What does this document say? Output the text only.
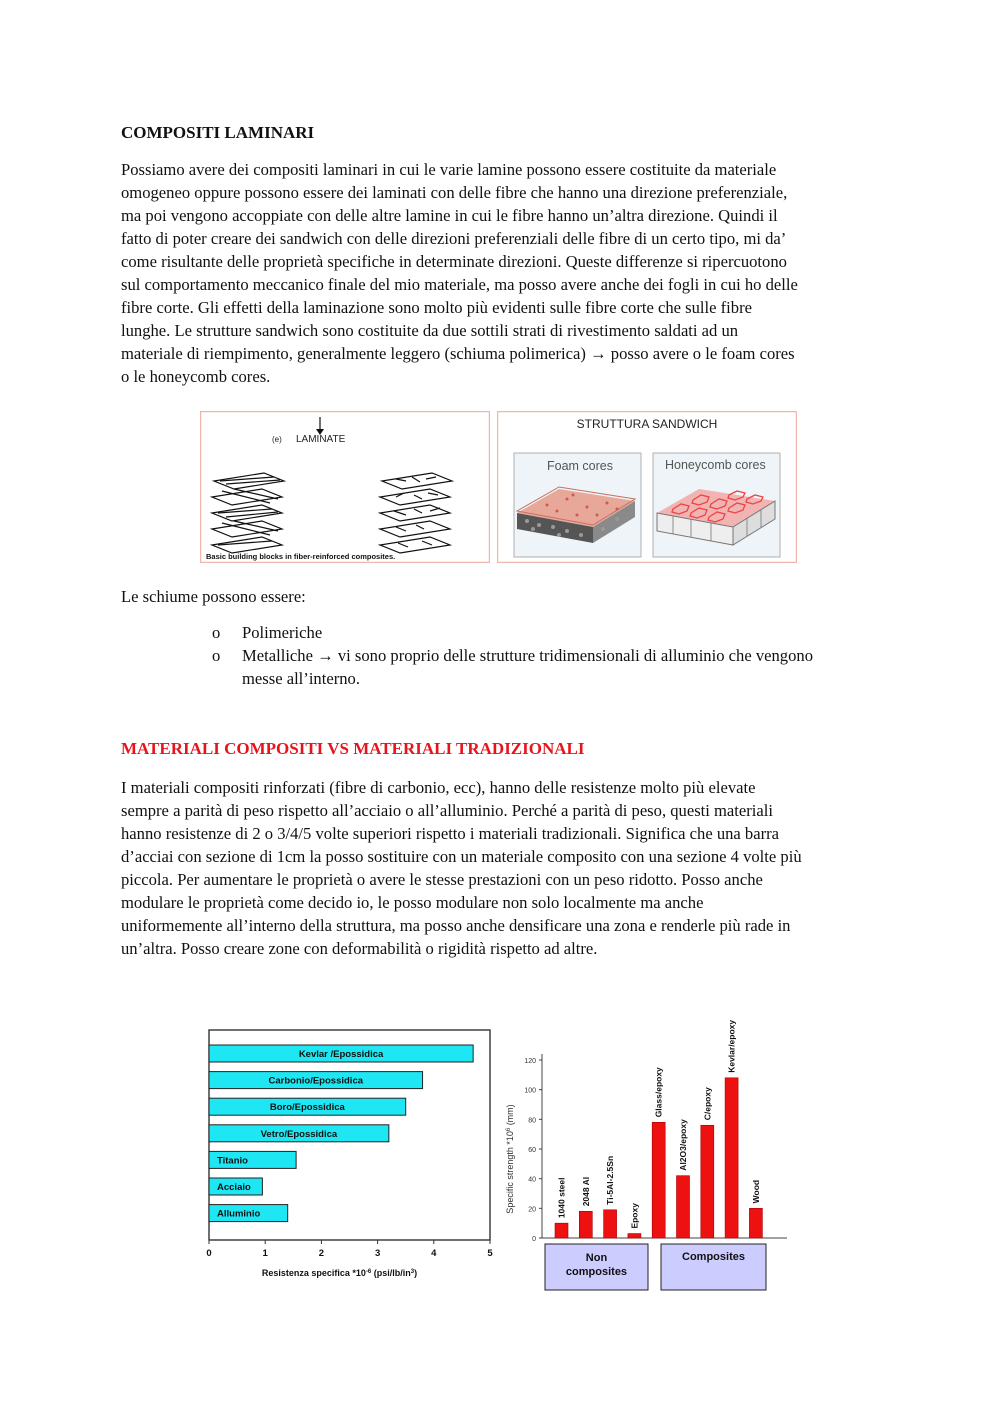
COMPOSITI LAMINARI
Possiamo avere dei compositi laminari in cui le varie lamine possono essere costituite da materiale
omogeneo oppure possono essere dei laminati con delle fibre che hanno una direzione preferenziale,
ma poi vengono accoppiate con delle altre lamine in cui le fibre hanno un’altra direzione. Quindi il
fatto di poter creare dei sandwich con delle direzioni preferenziali delle fibre di un certo tipo, mi da’
come risultante delle proprietà specifiche in determinate direzioni. Queste differenze si ripercuotono
sul comportamento meccanico finale del mio materiale, ma posso avere anche dei fogli in cui ho delle
fibre corte. Gli effetti della laminazione sono molto più evidenti sulle fibre corte che sulle fibre
lunghe. Le strutture sandwich sono costituite da due sottili strati di rivestimento saldati ad un
materiale di riempimento, generalmente leggero (schiuma polimerica) → posso avere o le foam cores
o le honeycomb cores.
(e) LAMINATE
Basic building blocks in fiber-reinforced composites.
STRUTTURA SANDWICH
Foam cores	Honeycomb cores
Le schiume possono essere:
o Polimeriche
o Metalliche → vi sono proprio delle strutture tridimensionali di alluminio che vengono
messe all’interno.
MATERIALI COMPOSITI VS MATERIALI TRADIZIONALI
I materiali compositi rinforzati (fibre di carbonio, ecc), hanno delle resistenze molto più elevate
sempre a parità di peso rispetto all’acciaio o all’alluminio. Perché a parità di peso, questi materiali
hanno resistenze di 2 o 3/4/5 volte superiori rispetto i materiali tradizionali. Significa che una barra
d’acciai con sezione di 1cm la posso sostituire con un materiale composito con una sezione 4 volte più
piccola. Per aumentare le proprietà o avere le stesse prestazioni con un peso ridotto. Posso anche
modulare le proprietà come decido io, le posso modulare non solo localmente ma anche
uniformemente all’interno della struttura, ma posso anche densificare una zona e renderle più rade in
un’altra. Posso creare zone con deformabilità o rigidità rispetto ad altre.
Kevlar /Epossidica
Carbonio/Epossidica
Boro/Epossidica
Vetro/Epossidica
Titanio
Acciaio
Alluminio
0	1	2	3	4	5
Resistenza specifica $*10^{-6}$ $(psi/lb/in^3)$
0
20
40
60
80
100
120
Specific strength $*10^6$ (mm)
1040 steel 2048 Al Ti-5Al-2.5Sn
Epoxy
Glass/epoxy
Al2O3/epoxy
C/epoxy
Kevlar/epoxy
Wood
Non
composites
Composites
